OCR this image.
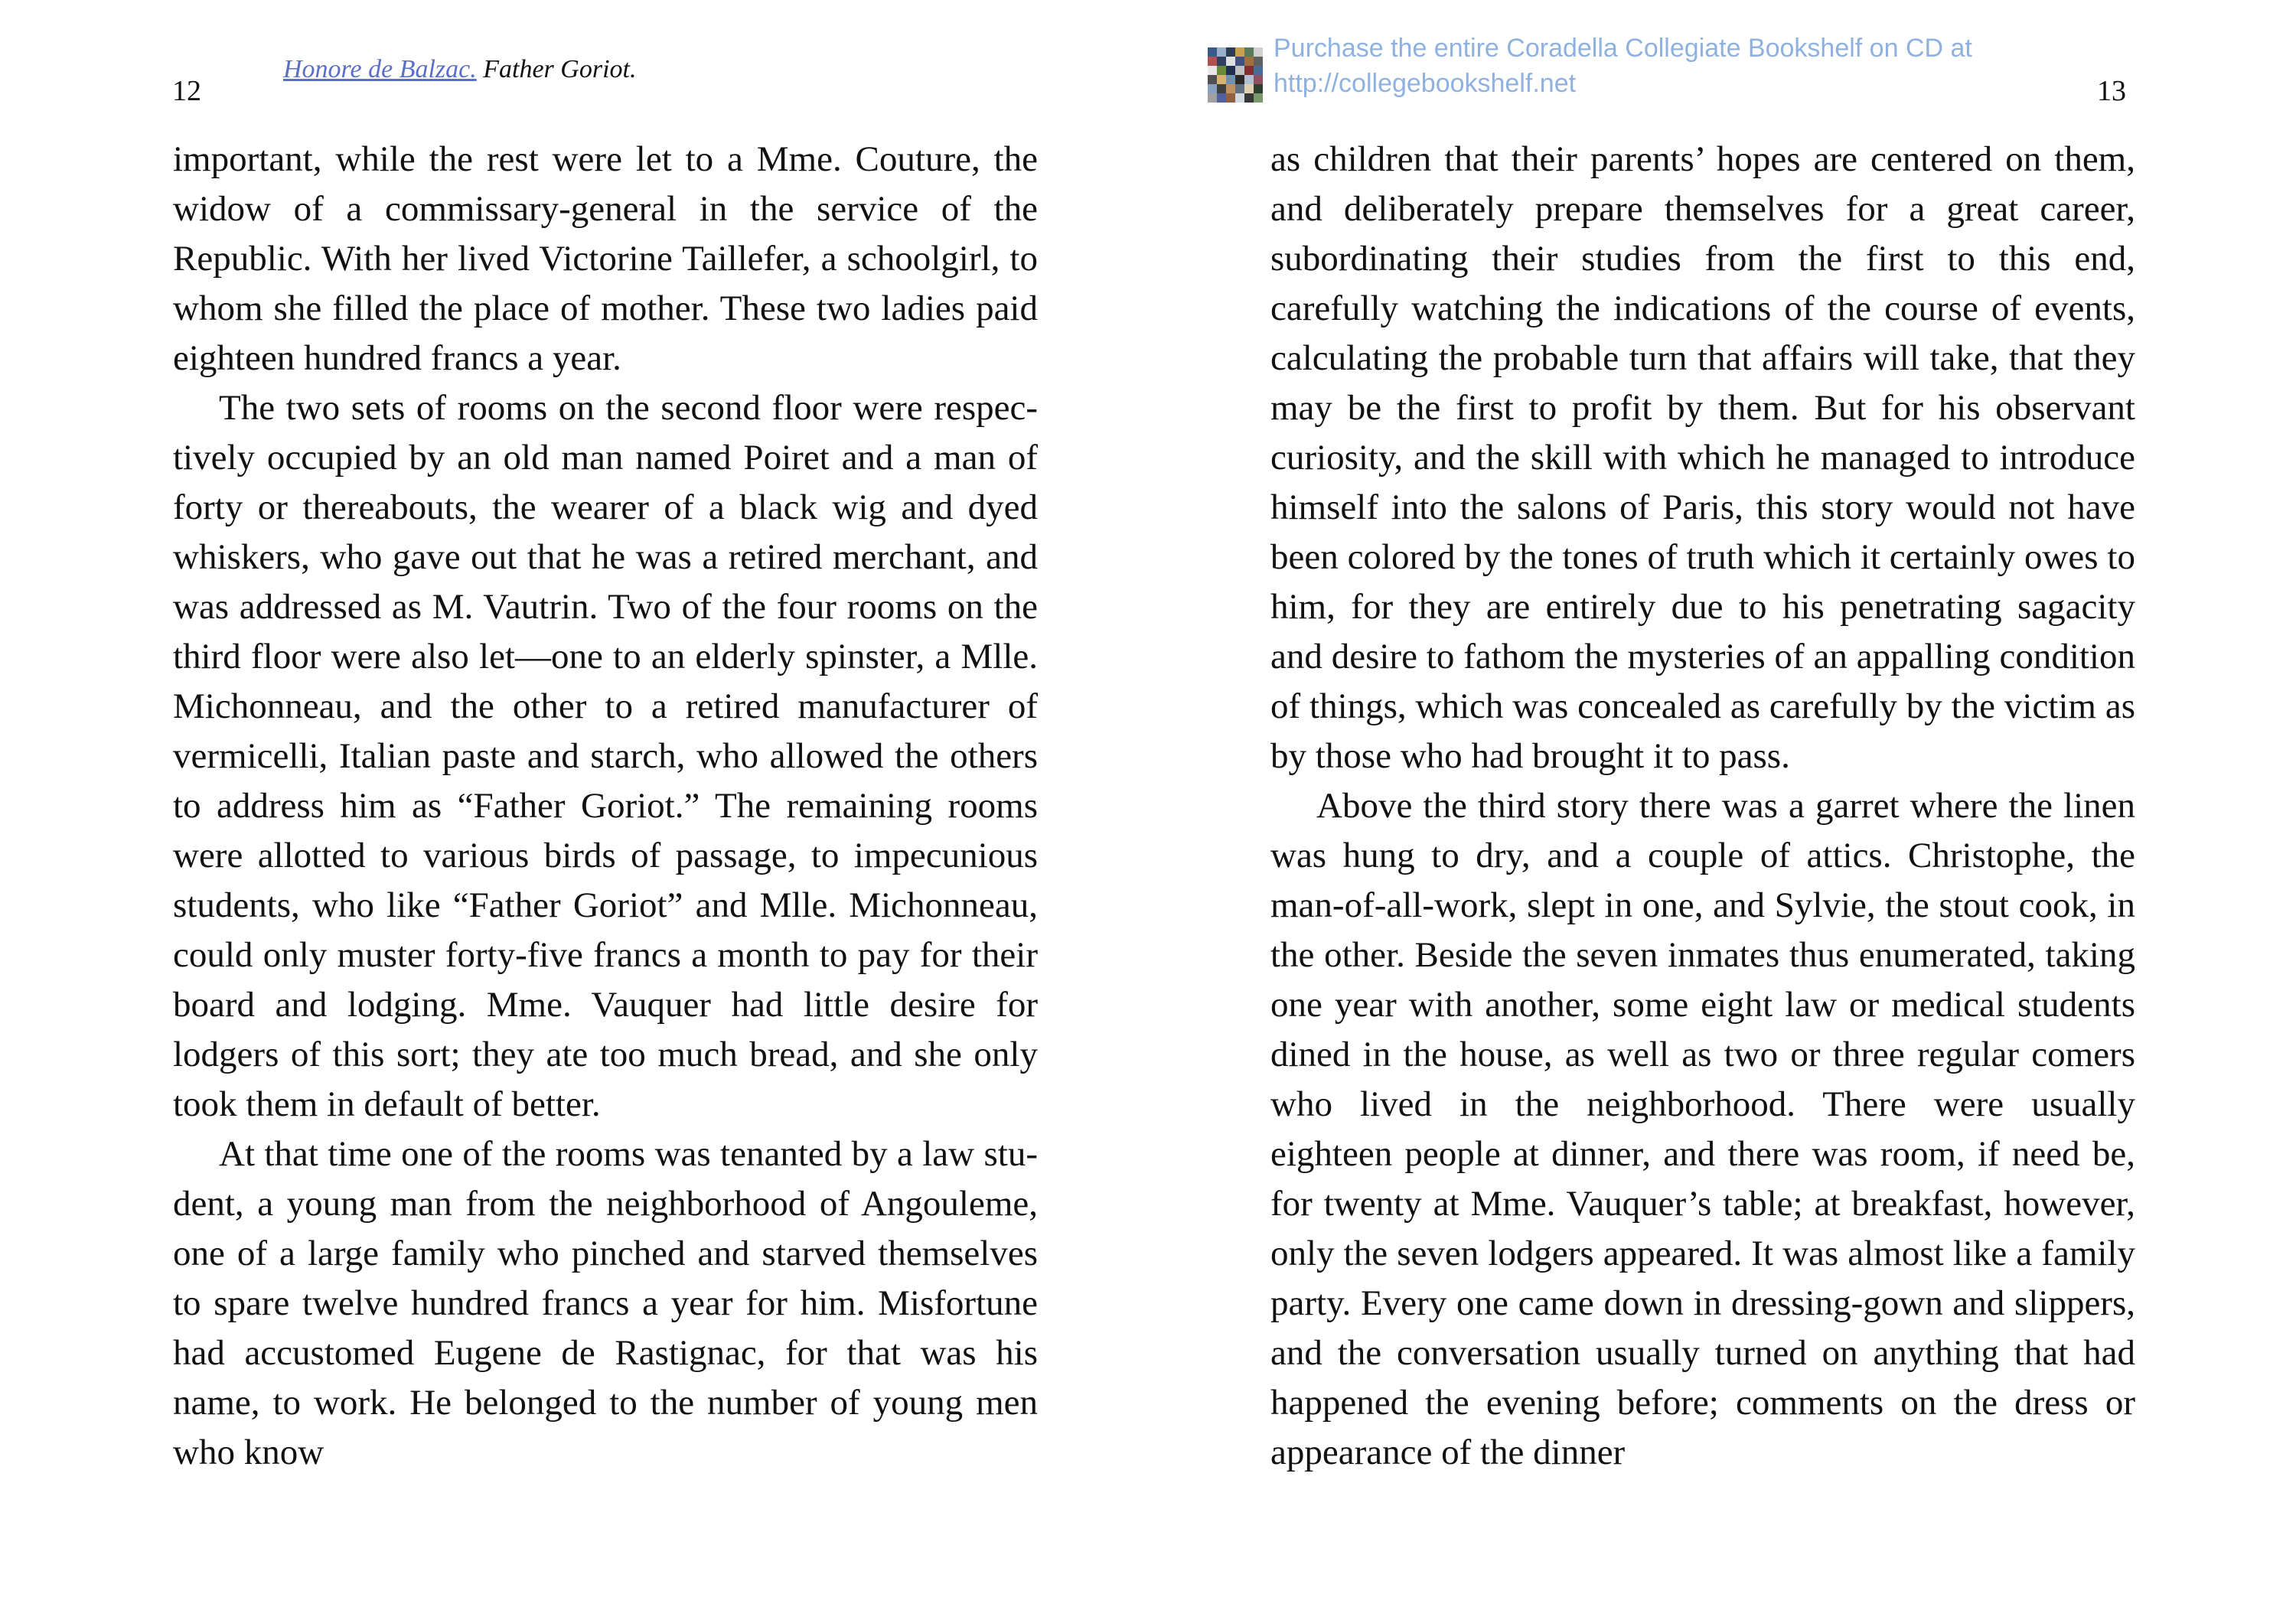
12
Honore de Balzac. Father Goriot.

important, while the rest were let to a Mme. Couture, the widow of a commissary-general in the service of the Republic. With her lived Victorine Taillefer, a schoolgirl, to whom she filled the place of mother. These two ladies paid eighteen hundred francs a year.

The two sets of rooms on the second floor were respectively occupied by an old man named Poiret and a man of forty or thereabouts, the wearer of a black wig and dyed whiskers, who gave out that he was a retired merchant, and was addressed as M. Vautrin. Two of the four rooms on the third floor were also let—one to an elderly spinster, a Mlle. Michonneau, and the other to a retired manufacturer of vermicelli, Italian paste and starch, who allowed the others to address him as “Father Goriot.” The remaining rooms were allotted to various birds of passage, to impecunious students, who like “Father Goriot” and Mlle. Michonneau, could only muster forty-five francs a month to pay for their board and lodging. Mme. Vauquer had little desire for lodgers of this sort; they ate too much bread, and she only took them in default of better.

At that time one of the rooms was tenanted by a law student, a young man from the neighborhood of Angouleme, one of a large family who pinched and starved themselves to spare twelve hundred francs a year for him. Misfortune had accustomed Eugene de Rastignac, for that was his name, to work. He belonged to the number of young men who know

Purchase the entire Coradella Collegiate Bookshelf on CD at
http://collegebookshelf.net	13

as children that their parents’ hopes are centered on them, and deliberately prepare themselves for a great career, subordinating their studies from the first to this end, carefully watching the indications of the course of events, calculating the probable turn that affairs will take, that they may be the first to profit by them. But for his observant curiosity, and the skill with which he managed to introduce himself into the salons of Paris, this story would not have been colored by the tones of truth which it certainly owes to him, for they are entirely due to his penetrating sagacity and desire to fathom the mysteries of an appalling condition of things, which was concealed as carefully by the victim as by those who had brought it to pass.

Above the third story there was a garret where the linen was hung to dry, and a couple of attics. Christophe, the man-of-all-work, slept in one, and Sylvie, the stout cook, in the other. Beside the seven inmates thus enumerated, taking one year with another, some eight law or medical students dined in the house, as well as two or three regular comers who lived in the neighborhood. There were usually eighteen people at dinner, and there was room, if need be, for twenty at Mme. Vauquer’s table; at breakfast, however, only the seven lodgers appeared. It was almost like a family party. Every one came down in dressing-gown and slippers, and the conversation usually turned on anything that had happened the evening before; comments on the dress or appearance of the dinner
